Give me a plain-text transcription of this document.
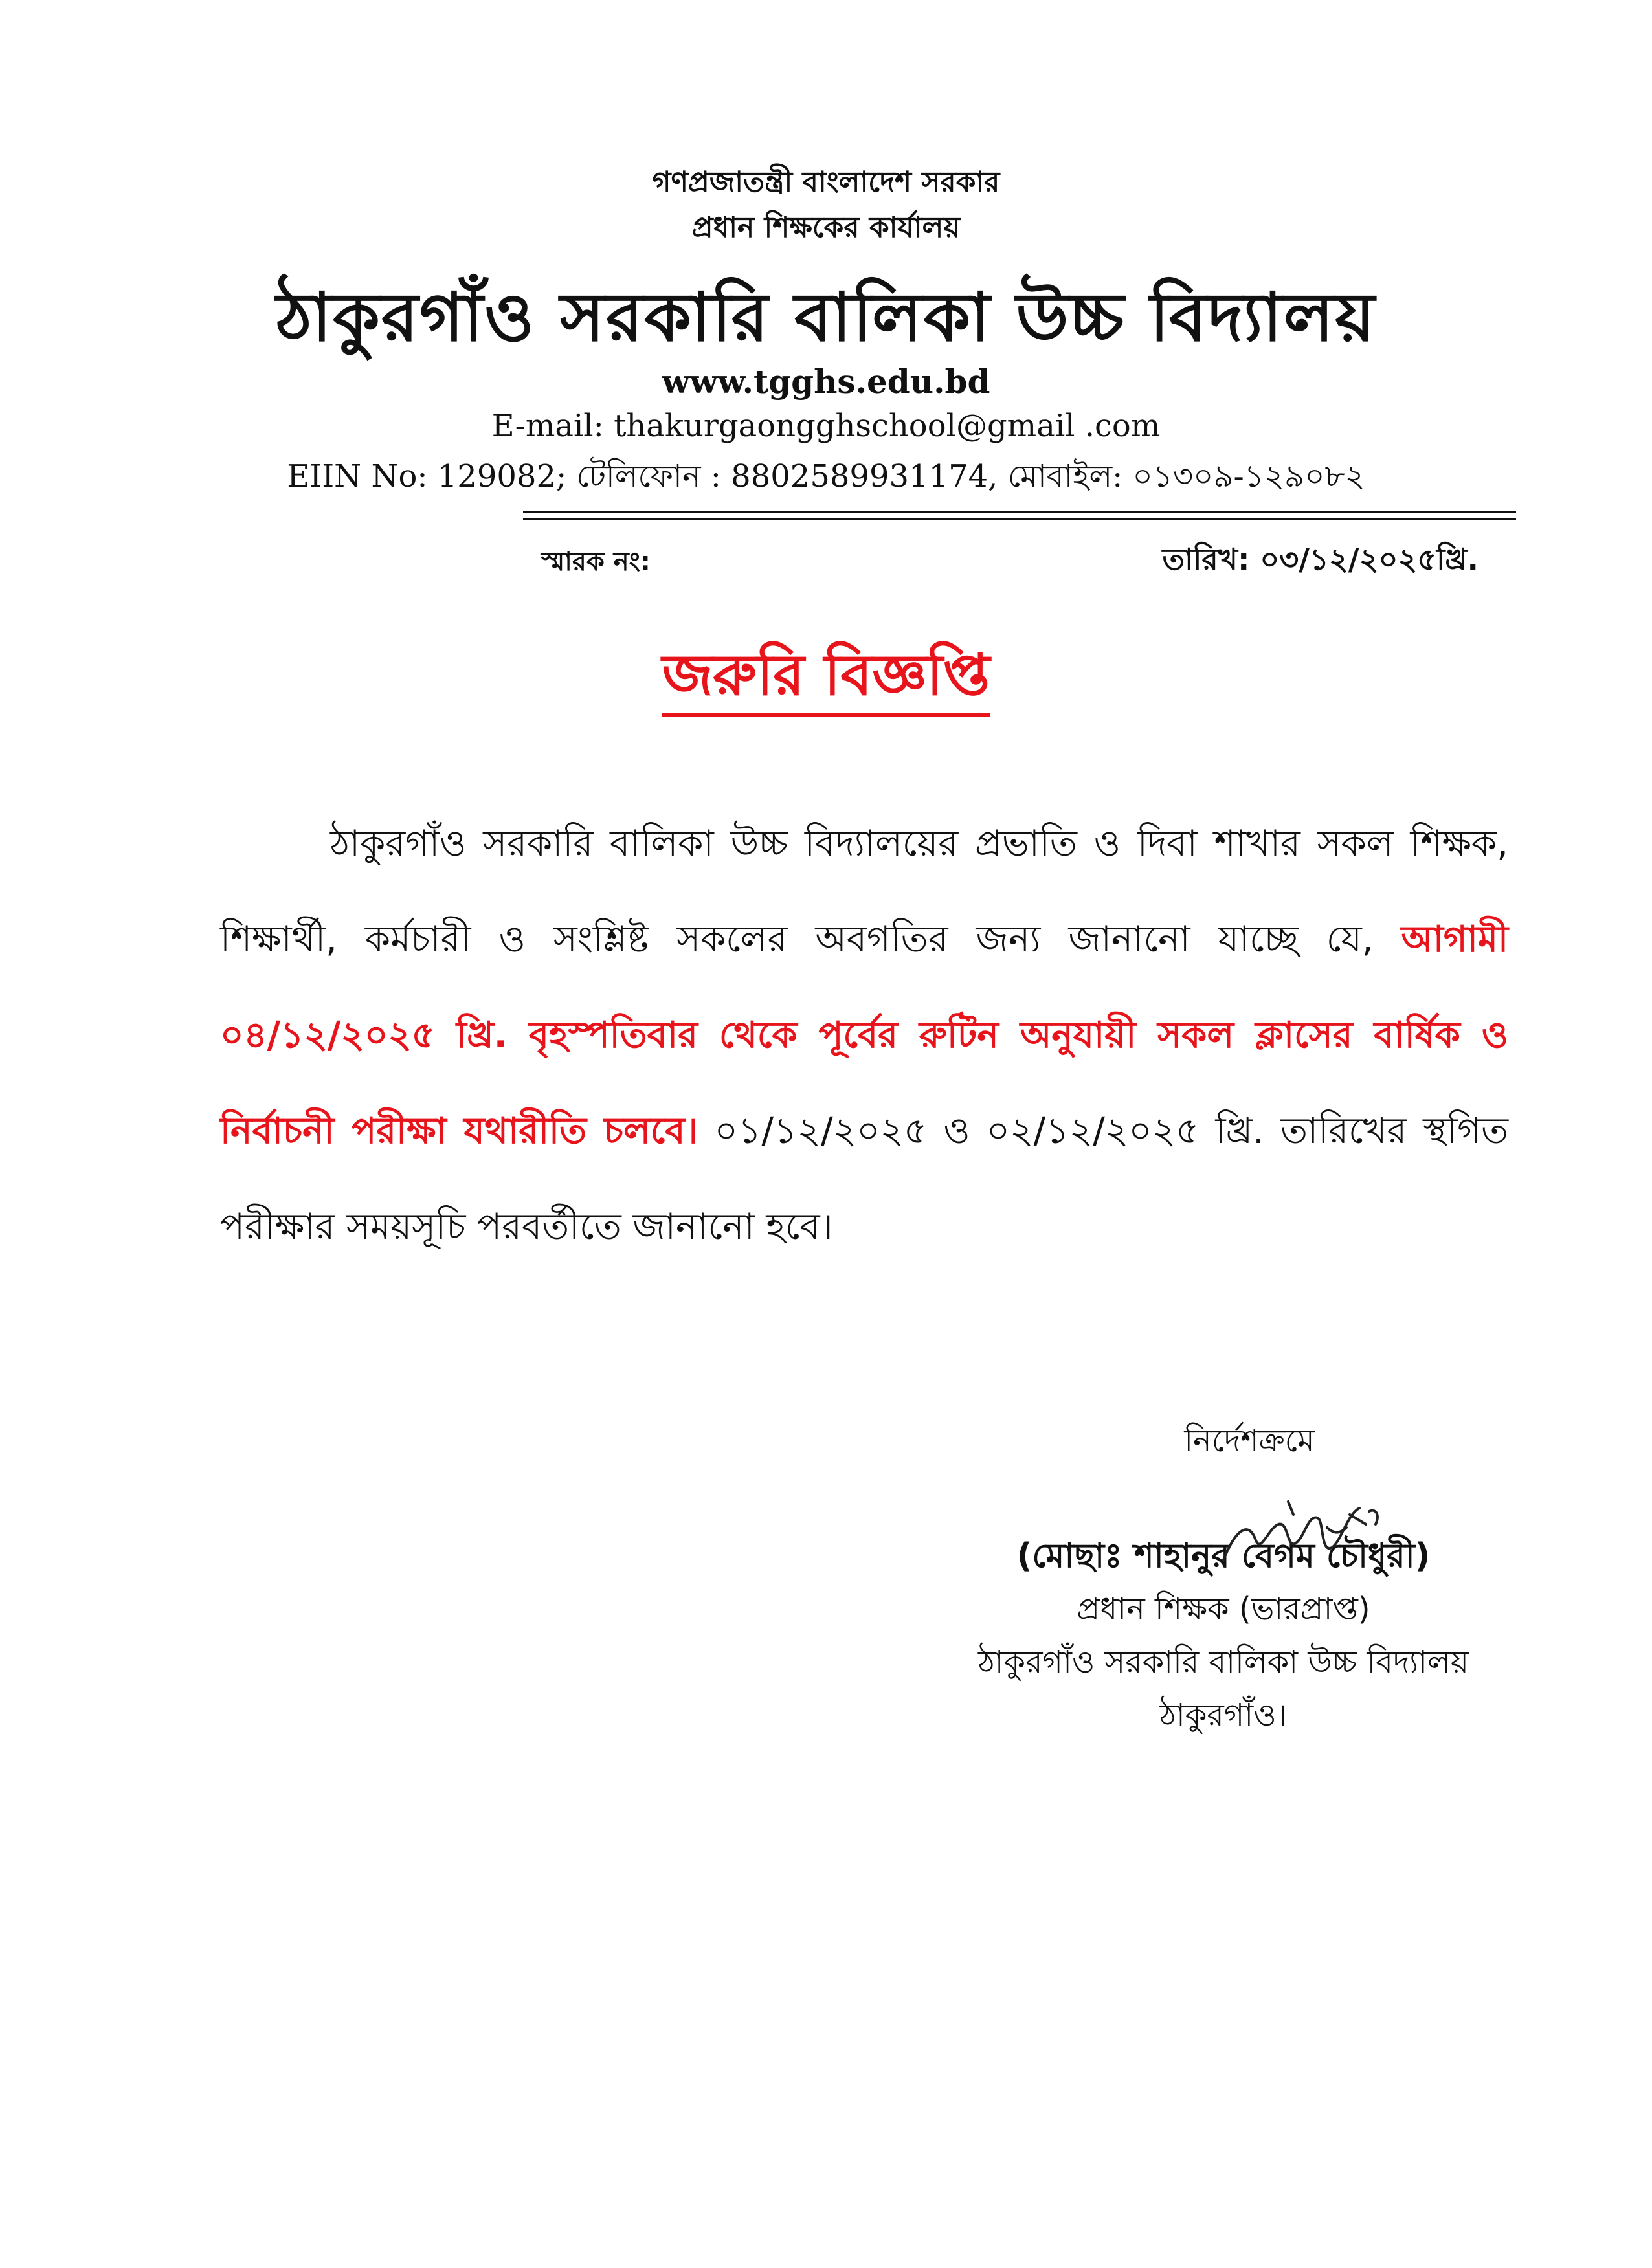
গণপ্রজাতন্ত্রী বাংলাদেশ সরকার
প্রধান শিক্ষকের কার্যালয়
ঠাকুরগাঁও সরকারি বালিকা উচ্চ বিদ্যালয়
www.tgghs.edu.bd
E-mail: thakurgaongghschool@gmail .com
EIIN No: 129082; টেলিফোন : 8802589931174, মোবাইল: ০১৩০৯-১২৯০৮২
স্মারক নং:	তারিখ: ০৩/১২/২০২৫খ্রি.
জরুরি বিজ্ঞপ্তি
ঠাকুরগাঁও সরকারি বালিকা উচ্চ বিদ্যালয়ের প্রভাতি ও দিবা শাখার সকল শিক্ষক, শিক্ষার্থী, কর্মচারী ও সংশ্লিষ্ট সকলের অবগতির জন্য জানানো যাচ্ছে যে, আগামী ০৪/১২/২০২৫ খ্রি. বৃহস্পতিবার থেকে পূর্বের রুটিন অনুযায়ী সকল ক্লাসের বার্ষিক ও নির্বাচনী পরীক্ষা যথারীতি চলবে। ০১/১২/২০২৫ ও ০২/১২/২০২৫ খ্রি. তারিখের স্থগিত পরীক্ষার সময়সূচি পরবর্তীতে জানানো হবে।
নির্দেশক্রমে
(মোছাঃ শাহানুর বেগম চৌধুরী)
প্রধান শিক্ষক (ভারপ্রাপ্ত)
ঠাকুরগাঁও সরকারি বালিকা উচ্চ বিদ্যালয়
ঠাকুরগাঁও।
